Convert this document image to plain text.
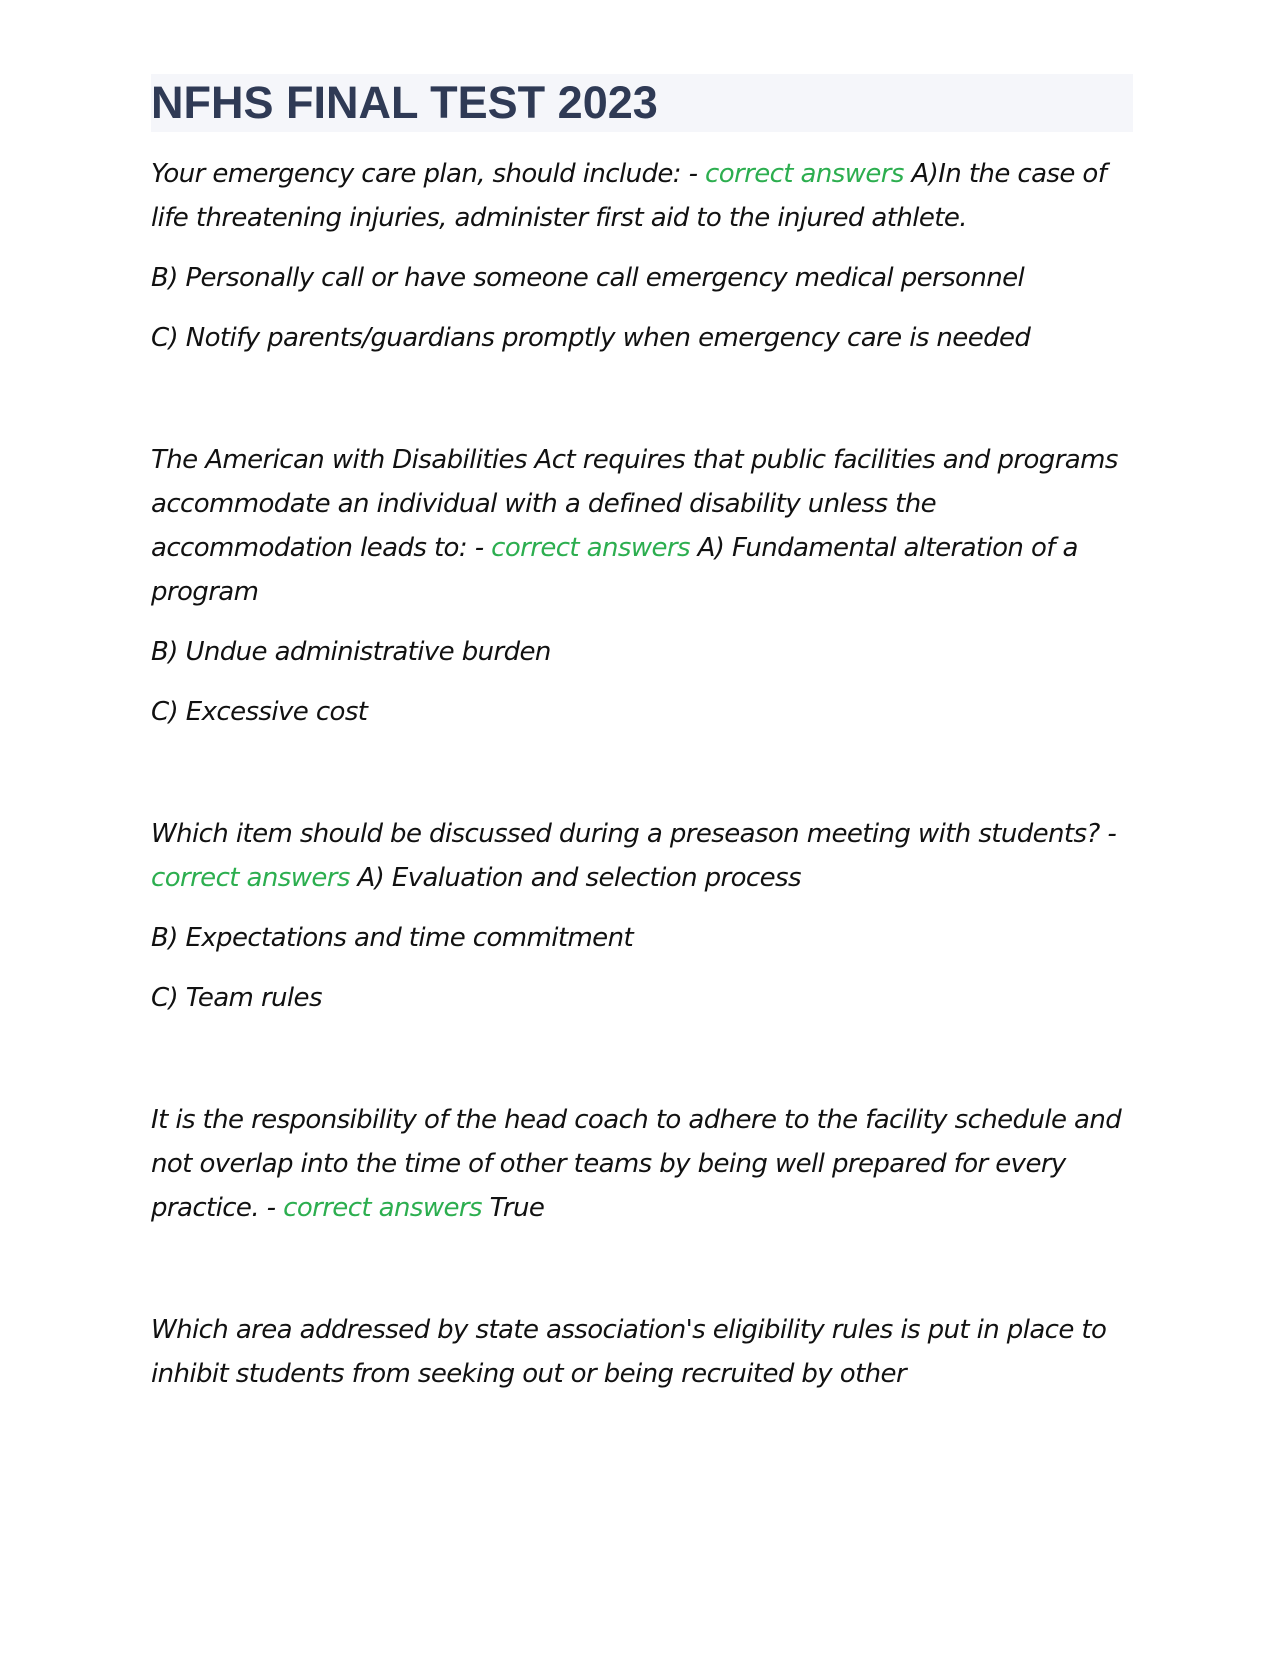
NFHS FINAL TEST 2023

Your emergency care plan, should include: - correct answers A)In the case of life threatening injuries, administer first aid to the injured athlete.

B) Personally call or have someone call emergency medical personnel

C) Notify parents/guardians promptly when emergency care is needed

The American with Disabilities Act requires that public facilities and programs accommodate an individual with a defined disability unless the accommodation leads to: - correct answers A) Fundamental alteration of a program

B) Undue administrative burden

C) Excessive cost

Which item should be discussed during a preseason meeting with students? - correct answers A) Evaluation and selection process

B) Expectations and time commitment

C) Team rules

It is the responsibility of the head coach to adhere to the facility schedule and not overlap into the time of other teams by being well prepared for every practice. - correct answers True

Which area addressed by state association's eligibility rules is put in place to inhibit students from seeking out or being recruited by other
